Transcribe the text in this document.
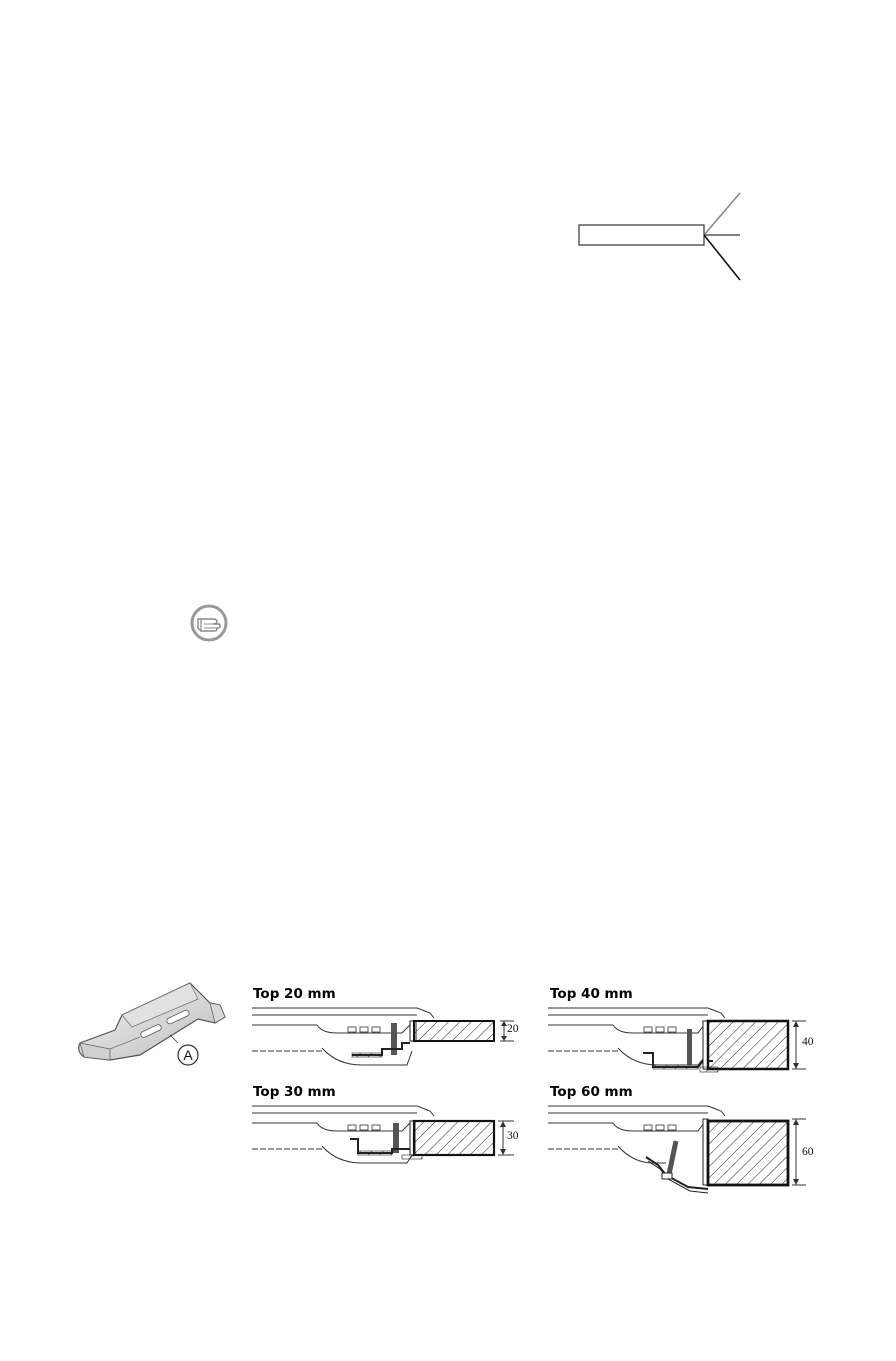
A
Top 20 mm
20
Top 40 mm
40
Top 30 mm
30
Top 60 mm
60
